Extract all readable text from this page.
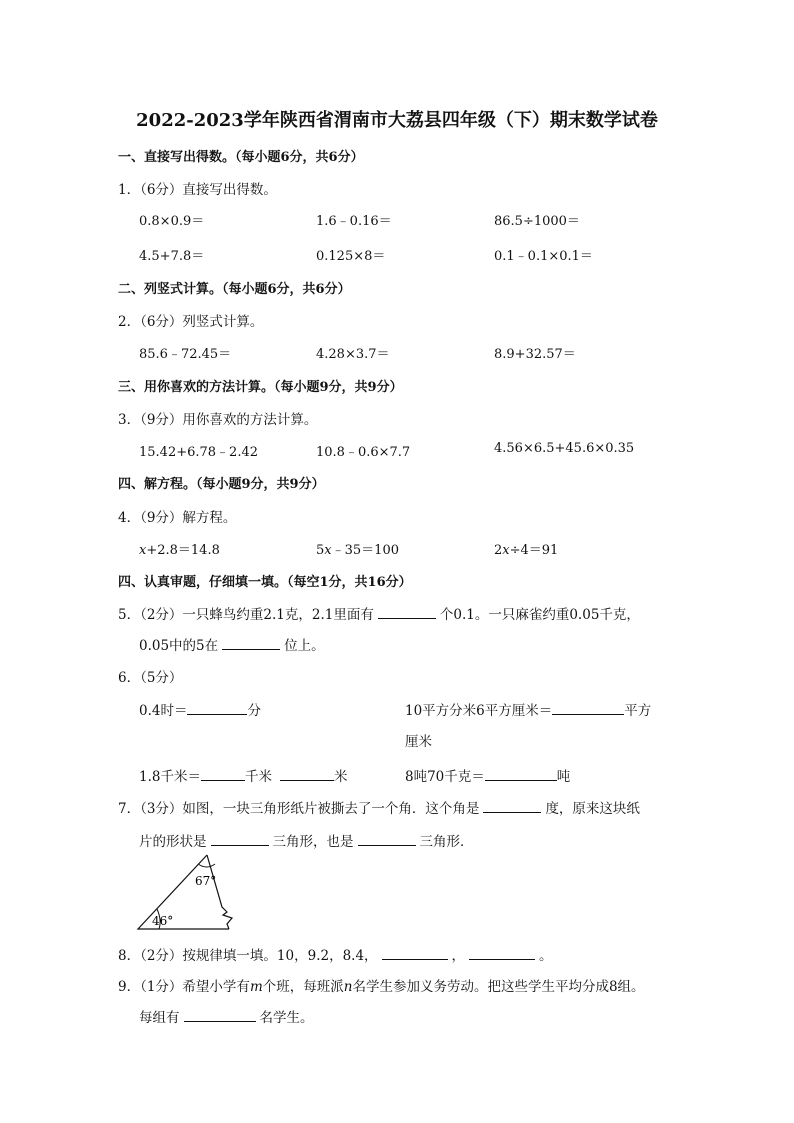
2022-2023学年陕西省渭南市大荔县四年级（下）期末数学试卷
一、直接写出得数。（每小题6分，共6分）
1．（6分）直接写出得数。
0.8×0.9＝	1.6﹣0.16＝	86.5÷1000＝
4.5+7.8＝	0.125×8＝	0.1﹣0.1×0.1＝
二、列竖式计算。（每小题6分，共6分）
2．（6分）列竖式计算。
85.6﹣72.45＝	4.28×3.7＝	8.9+32.57＝
三、用你喜欢的方法计算。（每小题9分，共9分）
3．（9分）用你喜欢的方法计算。
15.42+6.78﹣2.42	10.8﹣0.6×7.7	4.56×6.5+45.6×0.35
四、解方程。（每小题9分，共9分）
4．（9分）解方程。
x+2.8＝14.8	5x﹣35＝100	2x÷4＝91
四、认真审题，仔细填一填。（每空1分，共16分）
5．（2分）一只蜂鸟约重2.1克，2.1里面有	个0.1。一只麻雀约重0.05千克，
0.05中的5在	位上。
6．（5分）
0.4时＝	分	10平方分米6平方厘米＝	平方
厘米
1.8千米＝	千米	米	8吨70千克＝	吨
7．（3分）如图，一块三角形纸片被撕去了一个角．这个角是	度，原来这块纸
片的形状是	三角形，也是	三角形．
67°
46°
8．（2分）按规律填一填。10，9.2，8.4，	，	。
9．（1分）希望小学有m个班，每班派n名学生参加义务劳动。把这些学生平均分成8组。
每组有	名学生。
